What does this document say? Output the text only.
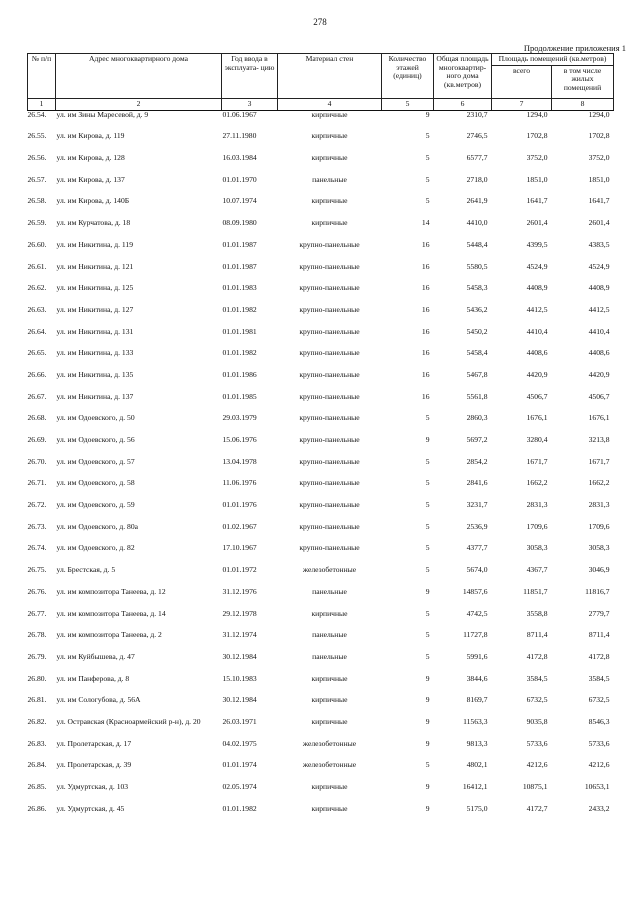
278
Продолжение приложения 1
№ п/п	Адрес многоквартирного дома	Год ввода в эксплуата- цию	Материал стен	Количество этажей (единиц)	Общая площадь многоквартир- ного дома (кв.метров)	Площадь помещений (кв.метров)	
						всего	в том числе жилых помещений
1	2	3	4	5	6	7	8
26.54.	ул. им Зины Маресевой, д. 9	01.06.1967	кирпичные	9	2310,7	1294,0	1294,0
26.55.	ул. им Кирова, д. 119	27.11.1980	кирпичные	5	2746,5	1702,8	1702,8
26.56.	ул. им Кирова, д. 128	16.03.1984	кирпичные	5	6577,7	3752,0	3752,0
26.57.	ул. им Кирова, д. 137	01.01.1970	панельные	5	2718,0	1851,0	1851,0
26.58.	ул. им Кирова, д. 140Б	10.07.1974	кирпичные	5	2641,9	1641,7	1641,7
26.59.	ул. им Курчатова, д. 18	08.09.1980	кирпичные	14	4410,0	2601,4	2601,4
26.60.	ул. им Никитина, д. 119	01.01.1987	крупно-панельные	16	5448,4	4399,5	4383,5
26.61.	ул. им Никитина, д. 121	01.01.1987	крупно-панельные	16	5580,5	4524,9	4524,9
26.62.	ул. им Никитина, д. 125	01.01.1983	крупно-панельные	16	5458,3	4408,9	4408,9
26.63.	ул. им Никитина, д. 127	01.01.1982	крупно-панельные	16	5436,2	4412,5	4412,5
26.64.	ул. им Никитина, д. 131	01.01.1981	крупно-панельные	16	5450,2	4410,4	4410,4
26.65.	ул. им Никитина, д. 133	01.01.1982	крупно-панельные	16	5458,4	4408,6	4408,6
26.66.	ул. им Никитина, д. 135	01.01.1986	крупно-панельные	16	5467,8	4420,9	4420,9
26.67.	ул. им Никитина, д. 137	01.01.1985	крупно-панельные	16	5561,8	4506,7	4506,7
26.68.	ул. им Одоевского, д. 50	29.03.1979	крупно-панельные	5	2860,3	1676,1	1676,1
26.69.	ул. им Одоевского, д. 56	15.06.1976	крупно-панельные	9	5697,2	3280,4	3213,8
26.70.	ул. им Одоевского, д. 57	13.04.1978	крупно-панельные	5	2854,2	1671,7	1671,7
26.71.	ул. им Одоевского, д. 58	11.06.1976	крупно-панельные	5	2841,6	1662,2	1662,2
26.72.	ул. им Одоевского, д. 59	01.01.1976	крупно-панельные	5	3231,7	2831,3	2831,3
26.73.	ул. им Одоевского, д. 80а	01.02.1967	крупно-панельные	5	2536,9	1709,6	1709,6
26.74.	ул. им Одоевского, д. 82	17.10.1967	крупно-панельные	5	4377,7	3058,3	3058,3
26.75.	ул. Брестская, д. 5	01.01.1972	железобетонные	5	5674,0	4367,7	3046,9
26.76.	ул. им композитора Танеева, д. 12	31.12.1976	панельные	9	14857,6	11851,7	11816,7
26.77.	ул. им композитора Танеева, д. 14	29.12.1978	кирпичные	5	4742,5	3558,8	2779,7
26.78.	ул. им композитора Танеева, д. 2	31.12.1974	панельные	5	11727,8	8711,4	8711,4
26.79.	ул. им Куйбышева, д. 47	30.12.1984	панельные	5	5991,6	4172,8	4172,8
26.80.	ул. им Панферова, д. 8	15.10.1983	кирпичные	9	3844,6	3584,5	3584,5
26.81.	ул. им Сологубова, д. 56А	30.12.1984	кирпичные	9	8169,7	6732,5	6732,5
26.82.	ул. Остравская (Красноармейский р-н), д. 20	26.03.1971	кирпичные	9	11563,3	9035,8	8546,3
26.83.	ул. Пролетарская, д. 17	04.02.1975	железобетонные	9	9813,3	5733,6	5733,6
26.84.	ул. Пролетарская, д. 39	01.01.1974	железобетонные	5	4802,1	4212,6	4212,6
26.85.	ул. Удмуртская, д. 103	02.05.1974	кирпичные	9	16412,1	10875,1	10653,1
26.86.	ул. Удмуртская, д. 45	01.01.1982	кирпичные	9	5175,0	4172,7	2433,2
